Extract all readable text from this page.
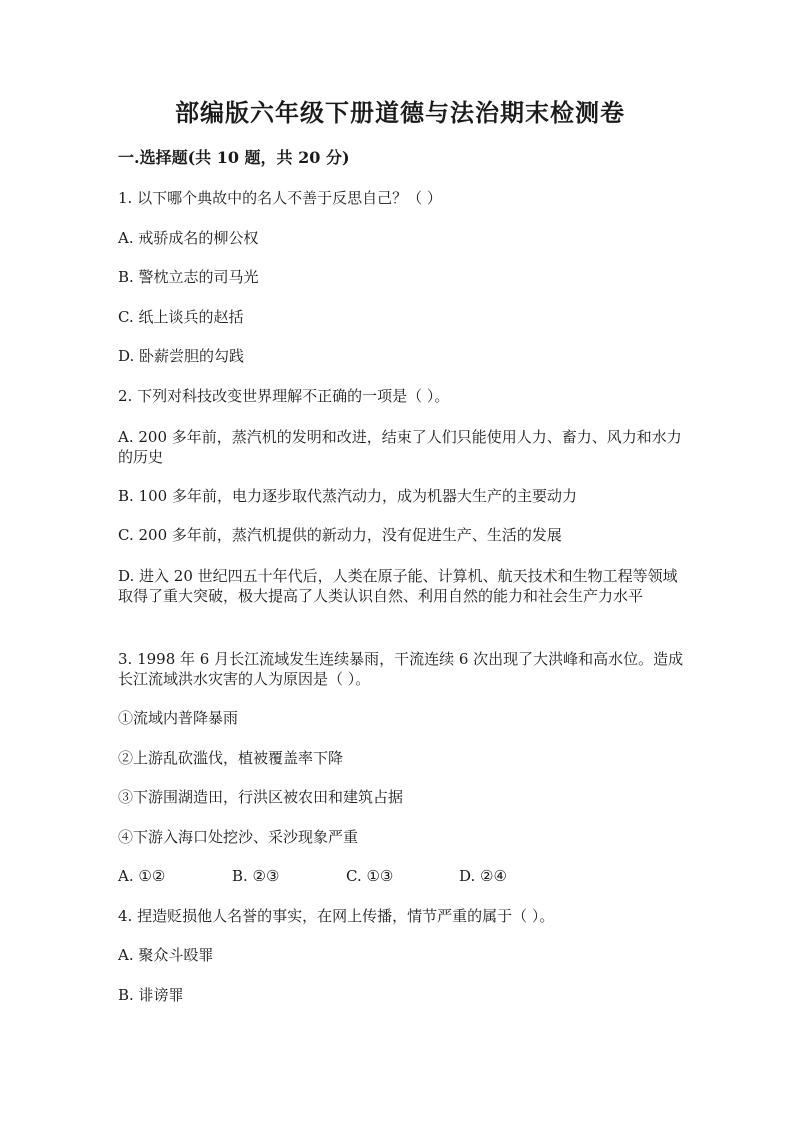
部编版六年级下册道德与法治期末检测卷
一.选择题(共 10 题，共 20 分)
1. 以下哪个典故中的名人不善于反思自己？（ ）
A. 戒骄成名的柳公权
B. 警枕立志的司马光
C. 纸上谈兵的赵括
D. 卧薪尝胆的勾践
2. 下列对科技改变世界理解不正确的一项是（ ）。
A. 200 多年前，蒸汽机的发明和改进，结束了人们只能使用人力、畜力、风力和水力的历史
B. 100 多年前，电力逐步取代蒸汽动力，成为机器大生产的主要动力
C. 200 多年前，蒸汽机提供的新动力，没有促进生产、生活的发展
D. 进入 20 世纪四五十年代后，人类在原子能、计算机、航天技术和生物工程等领域取得了重大突破，极大提高了人类认识自然、利用自然的能力和社会生产力水平
3. 1998 年 6 月长江流域发生连续暴雨，干流连续 6 次出现了大洪峰和高水位。造成长江流域洪水灾害的人为原因是（ ）。
①流域内普降暴雨
②上游乱砍滥伐，植被覆盖率下降
③下游围湖造田，行洪区被农田和建筑占据
④下游入海口处挖沙、采沙现象严重
A. ①②	B. ②③	C. ①③	D. ②④
4. 捏造贬损他人名誉的事实，在网上传播，情节严重的属于（ ）。
A. 聚众斗殴罪
B. 诽谤罪
